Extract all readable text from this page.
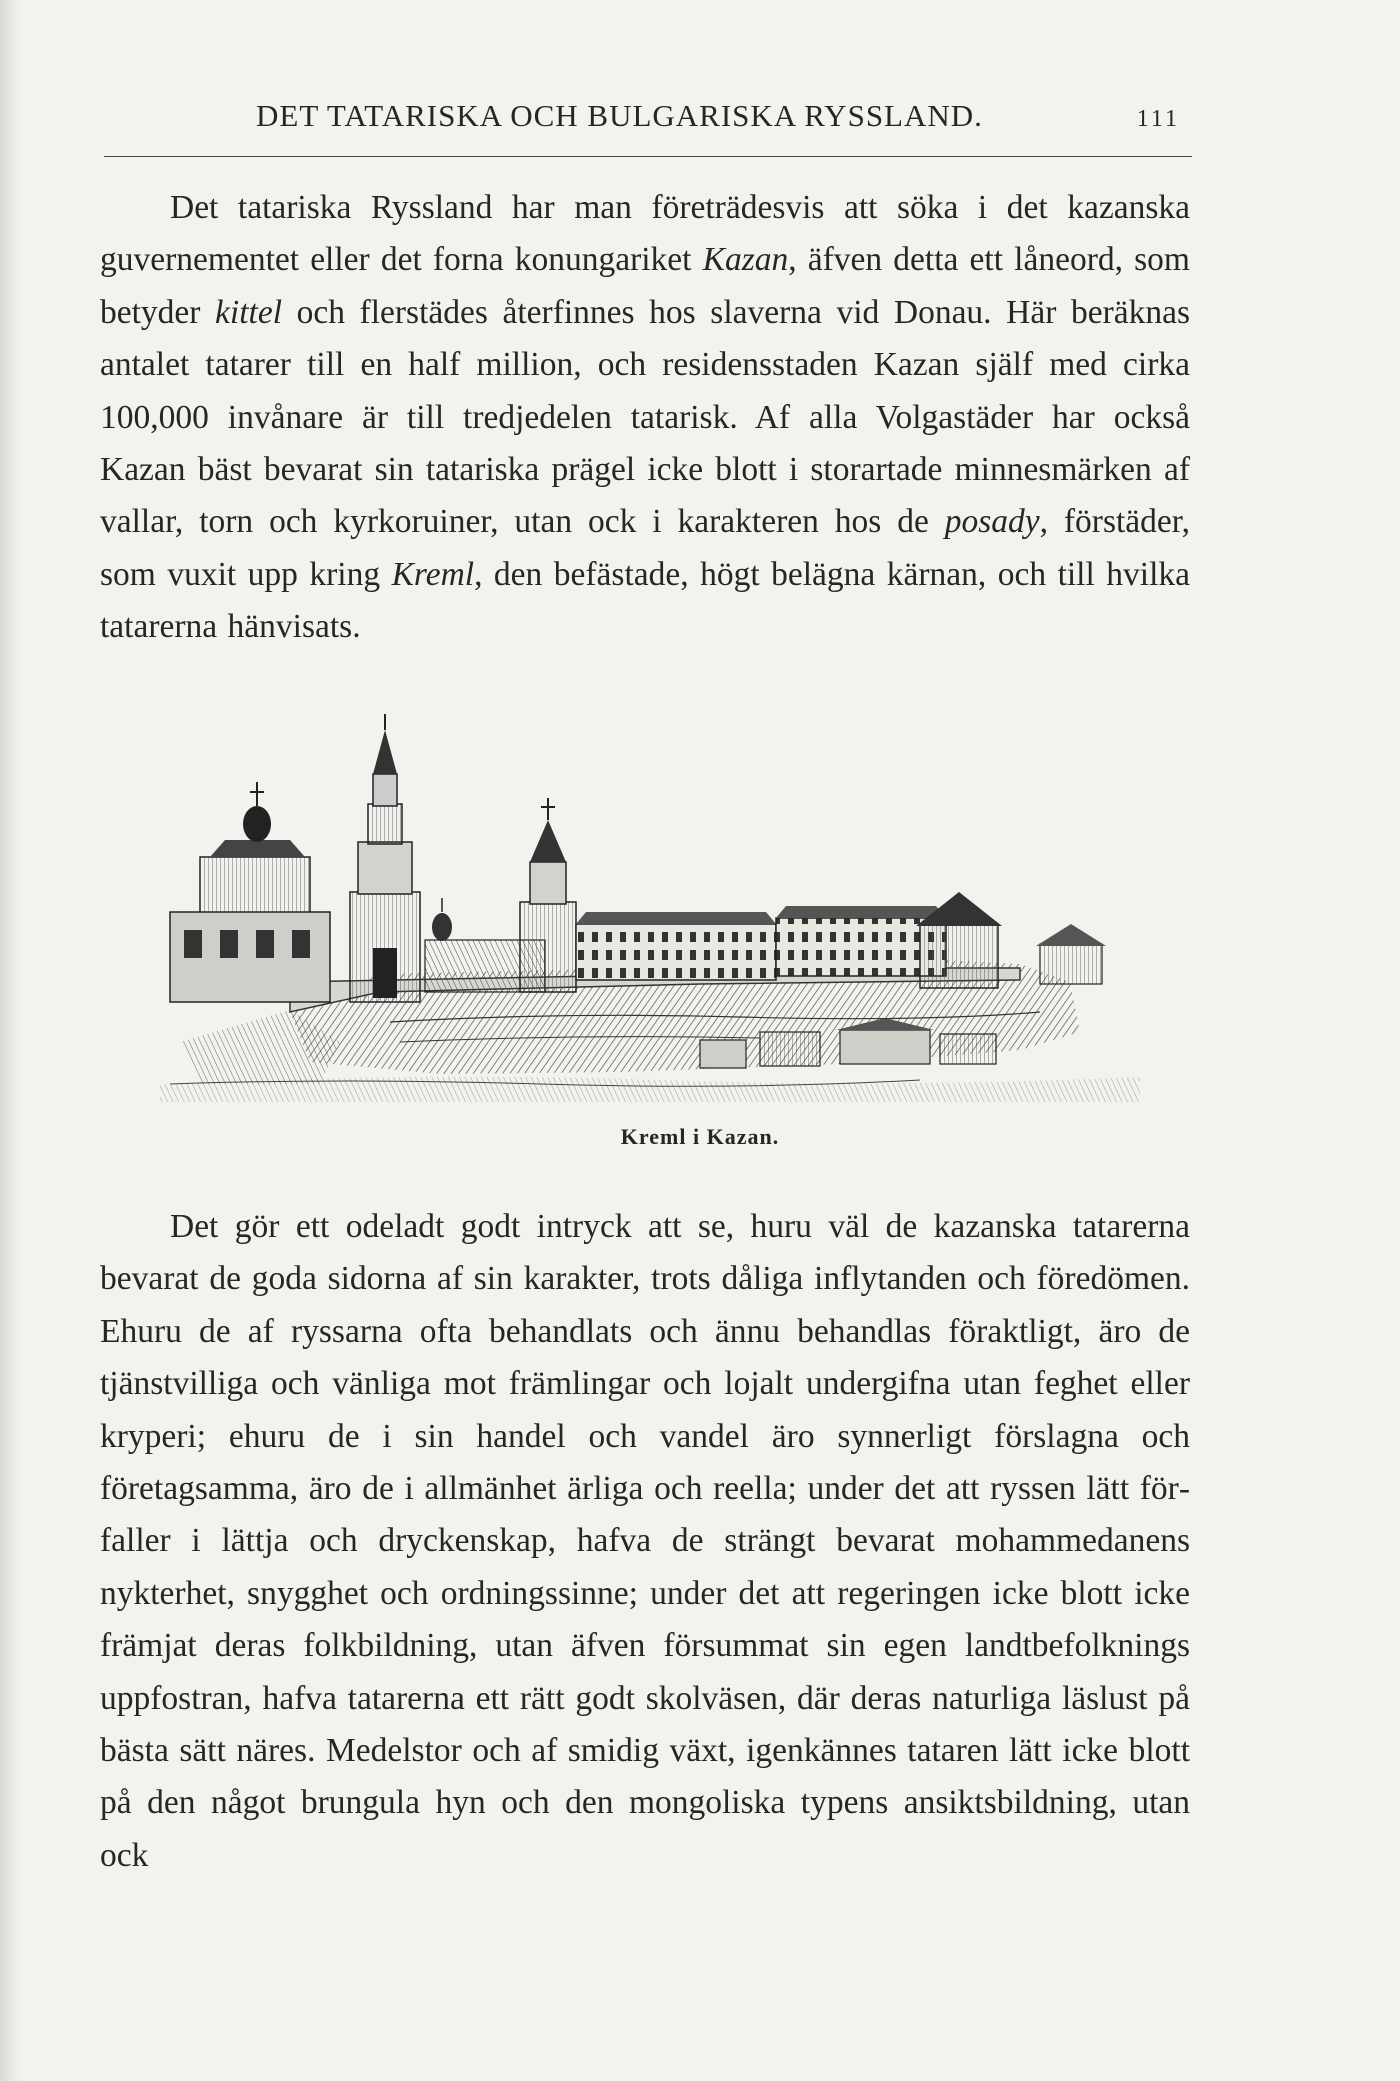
DET TATARISKA OCH BULGARISKA RYSSLAND.	111

Det tatariska Ryssland har man företrädesvis att söka i det kazanska guvernementet eller det forna konungariket Kazan, äfven detta ett låneord, som betyder kittel och flerstädes återfinnes hos slaverna vid Donau. Här beräknas antalet tatarer till en half million, och residensstaden Kazan själf med cirka 100,000 invånare är till tredjedelen tatarisk. Af alla Volgastäder har också Kazan bäst bevarat sin tatariska prägel icke blott i storartade minnesmärken af vallar, torn och kyrkoruiner, utan ock i karakteren hos de posady, förstäder, som vuxit upp kring Kreml, den befästade, högt belägna kärnan, och till hvilka tatarerna hänvisats.

Kreml i Kazan.

Det gör ett odeladt godt intryck att se, huru väl de kazanska tatarerna bevarat de goda sidorna af sin karakter, trots dåliga inflytanden och föredömen. Ehuru de af ryssarna ofta behandlats och ännu behandlas föraktligt, äro de tjänstvilliga och vänliga mot främlingar och lojalt undergifna utan feghet eller kryperi; ehuru de i sin handel och vandel äro synnerligt förslagna och företagsamma, äro de i allmänhet ärliga och reella; under det att ryssen lätt förfaller i lättja och dryckenskap, hafva de strängt bevarat mohammedanens nykterhet, snygghet och ordningssinne; under det att regeringen icke blott icke främjat deras folkbildning, utan äfven försummat sin egen landtbefolknings uppfostran, hafva tatarerna ett rätt godt skolväsen, där deras naturliga läslust på bästa sätt näres. Medelstor och af smidig växt, igenkännes tataren lätt icke blott på den något brungula hyn och den mongoliska typens ansiktsbildning, utan ock
